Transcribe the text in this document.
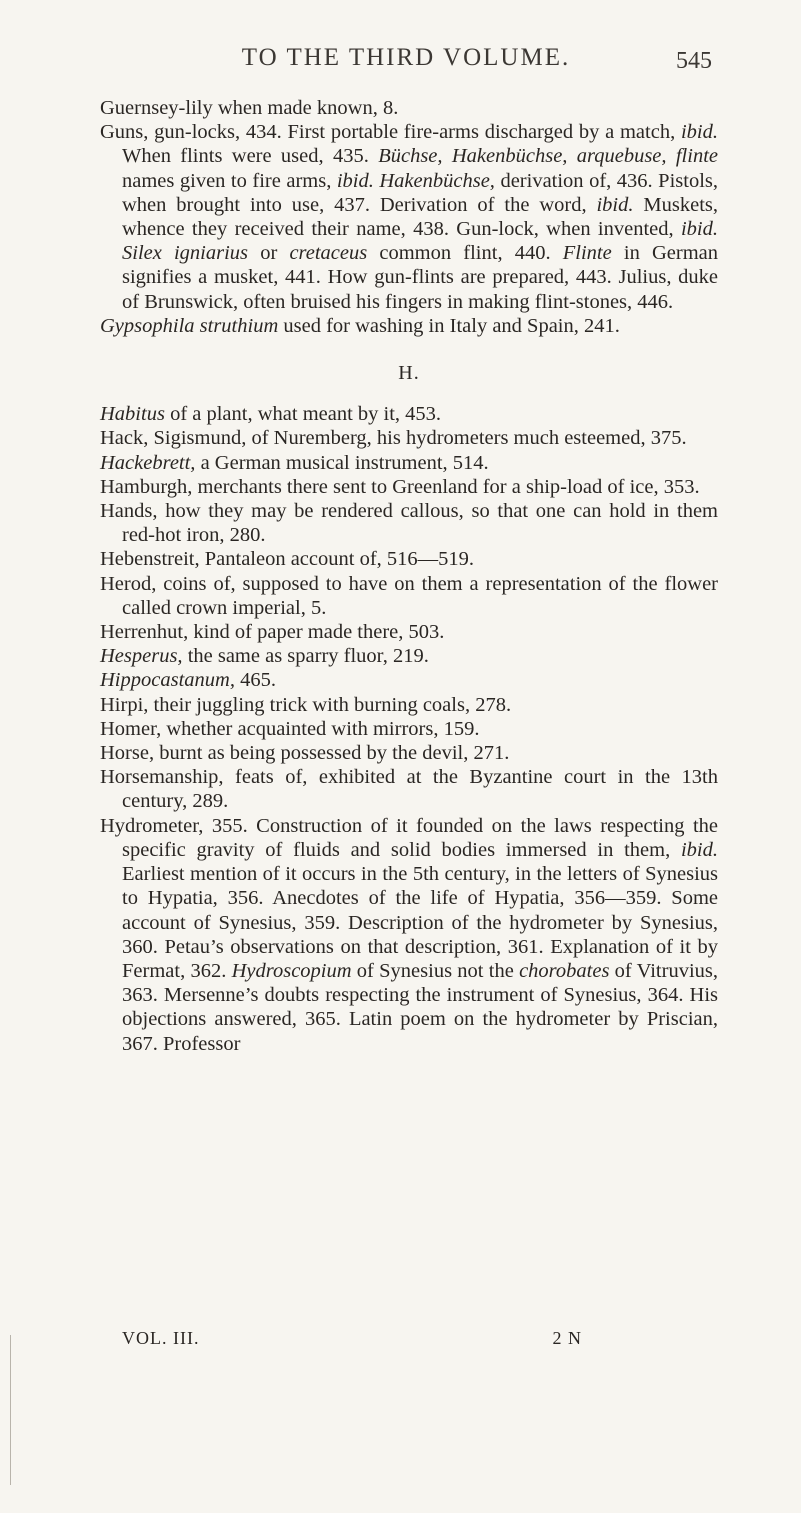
TO THE THIRD VOLUME.	545

Guernsey-lily when made known, 8.

Guns, gun-locks, 434. First portable fire-arms discharged by a match, ibid. When flints were used, 435. Büchse, Hakenbüchse, arquebuse, flinte names given to fire arms, ibid. Hakenbüchse, derivation of, 436. Pistols, when brought into use, 437. Derivation of the word, ibid. Muskets, whence they received their name, 438. Gun-lock, when invented, ibid. Silex igniarius or cretaceus common flint, 440. Flinte in German signifies a musket, 441. How gun-flints are prepared, 443. Julius, duke of Brunswick, often bruised his fingers in making flint-stones, 446.

Gypsophila struthium used for washing in Italy and Spain, 241.

H.

Habitus of a plant, what meant by it, 453.

Hack, Sigismund, of Nuremberg, his hydrometers much esteemed, 375.

Hackebrett, a German musical instrument, 514.

Hamburgh, merchants there sent to Greenland for a ship-load of ice, 353.

Hands, how they may be rendered callous, so that one can hold in them red-hot iron, 280.

Hebenstreit, Pantaleon account of, 516—519.

Herod, coins of, supposed to have on them a representation of the flower called crown imperial, 5.

Herrenhut, kind of paper made there, 503.

Hesperus, the same as sparry fluor, 219.

Hippocastanum, 465.

Hirpi, their juggling trick with burning coals, 278.

Homer, whether acquainted with mirrors, 159.

Horse, burnt as being possessed by the devil, 271.

Horsemanship, feats of, exhibited at the Byzantine court in the 13th century, 289.

Hydrometer, 355. Construction of it founded on the laws respecting the specific gravity of fluids and solid bodies immersed in them, ibid. Earliest mention of it occurs in the 5th century, in the letters of Synesius to Hypatia, 356. Anecdotes of the life of Hypatia, 356—359. Some account of Synesius, 359. Description of the hydrometer by Synesius, 360. Petau’s observations on that description, 361. Explanation of it by Fermat, 362. Hydroscopium of Synesius not the chorobates of Vitruvius, 363. Mersenne’s doubts respecting the instrument of Synesius, 364. His objections answered, 365. Latin poem on the hydrometer by Priscian, 367. Professor

VOL. III.	2 N
